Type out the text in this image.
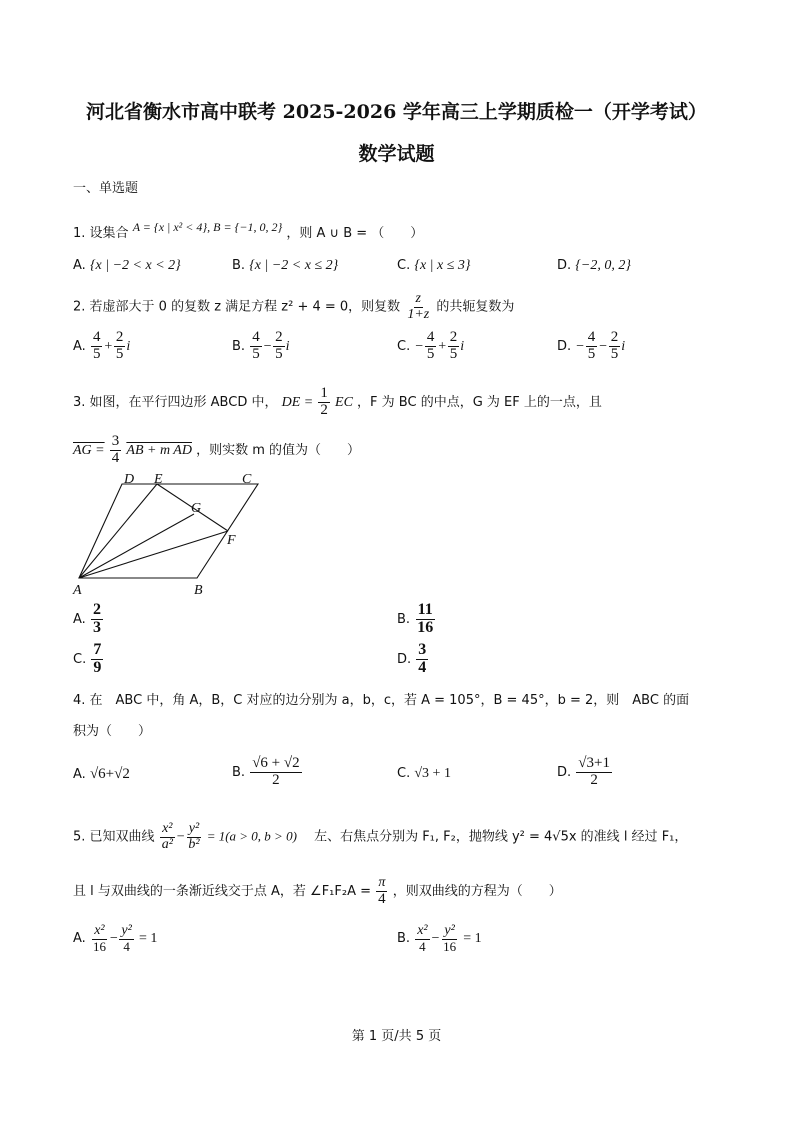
河北省衡水市高中联考 2025-2026 学年高三上学期质检一（开学考试）
数学试题
一、单选题
1. 设集合 A = {x | x² < 4}, B = {−1, 0, 2} ，则 A ∪ B = （　　）
A. {x | −2 < x < 2}	B. {x | −2 < x ≤ 2}	C. {x | x ≤ 3}	D. {−2, 0, 2}
2. 若虚部大于 0 的复数 z 满足方程 z² + 4 = 0，则复数 $\frac{z}{1+z}$ 的共轭复数为
A. $\frac{4}{5} + \frac{2}{5}$ i	B. $\frac{4}{5} - \frac{2}{5}$ i	C. − $\frac{4}{5} + \frac{2}{5}$ i	D. − $\frac{4}{5} - \frac{2}{5}$ i
3. 如图，在平行四边形 ABCD 中， DE = $\frac{1}{2}$ EC ，F 为 BC 的中点，G 为 EF 上的一点，且
AG = $\frac{3}{4}$ AB + m AD ，则实数 m 的值为（　　）
D E	C
G
F
A	B
A. $\frac{2}{3}$	B. $\frac{11}{16}$
C. $\frac{7}{9}$	D. $\frac{3}{4}$
4. 在　ABC 中，角 A，B，C 对应的边分别为 a，b，c，若 A = 105°，B = 45°，b = 2，则　ABC 的面
积为（　　）
A. √6+√2	B. $\frac{√6 + √2}{2}$	C. √3 + 1	D. $\frac{√3+1}{2}$
5. 已知双曲线 $\frac{\text{x²}}{\text{a²}} - \frac{\text{y²}}{\text{b²}} = 1(a > 0$, b > 0) 　左、右焦点分别为 F₁, F₂，抛物线 y² = 4√5x 的准线 l 经过 F₁，
且 l 与双曲线的一条渐近线交于点 A，若 ∠F₁F₂A = $\frac{\pi}{4}$ ，则双曲线的方程为（　　）
A. $\frac{\text{x²}}{16} - \frac{\text{y²}}{4} = 1$	B. $\frac{\text{x²}}{4} - \frac{\text{y²}}{16} = 1$
第 1 页/共 5 页
